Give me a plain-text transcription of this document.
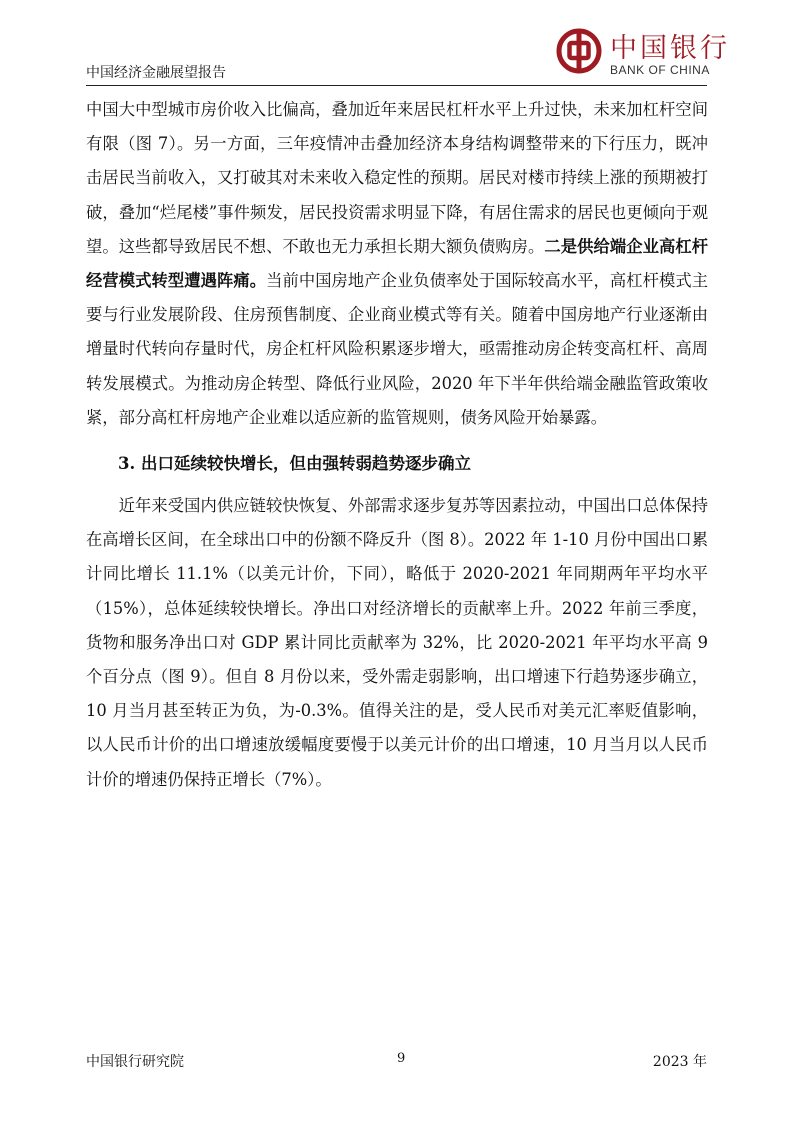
中国经济金融展望报告
中国银行
BANK OF CHINA

中国大中型城市房价收入比偏高，叠加近年来居民杠杆水平上升过快，未来加杠杆空间有限（图 7）。另一方面，三年疫情冲击叠加经济本身结构调整带来的下行压力，既冲击居民当前收入，又打破其对未来收入稳定性的预期。居民对楼市持续上涨的预期被打破，叠加“烂尾楼”事件频发，居民投资需求明显下降，有居住需求的居民也更倾向于观望。这些都导致居民不想、不敢也无力承担长期大额负债购房。二是供给端企业高杠杆经营模式转型遭遇阵痛。当前中国房地产企业负债率处于国际较高水平，高杠杆模式主要与行业发展阶段、住房预售制度、企业商业模式等有关。随着中国房地产行业逐渐由增量时代转向存量时代，房企杠杆风险积累逐步增大，亟需推动房企转变高杠杆、高周转发展模式。为推动房企转型、降低行业风险，2020 年下半年供给端金融监管政策收紧，部分高杠杆房地产企业难以适应新的监管规则，债务风险开始暴露。

3. 出口延续较快增长，但由强转弱趋势逐步确立

近年来受国内供应链较快恢复、外部需求逐步复苏等因素拉动，中国出口总体保持在高增长区间，在全球出口中的份额不降反升（图 8）。2022 年 1-10 月份中国出口累计同比增长 11.1%（以美元计价，下同），略低于 2020-2021 年同期两年平均水平（15%），总体延续较快增长。净出口对经济增长的贡献率上升。2022 年前三季度，货物和服务净出口对 GDP 累计同比贡献率为 32%，比 2020-2021 年平均水平高 9 个百分点（图 9）。但自 8 月份以来，受外需走弱影响，出口增速下行趋势逐步确立，10 月当月甚至转正为负，为-0.3%。值得关注的是，受人民币对美元汇率贬值影响，以人民币计价的出口增速放缓幅度要慢于以美元计价的出口增速，10 月当月以人民币计价的增速仍保持正增长（7%）。

中国银行研究院	9	2023 年
